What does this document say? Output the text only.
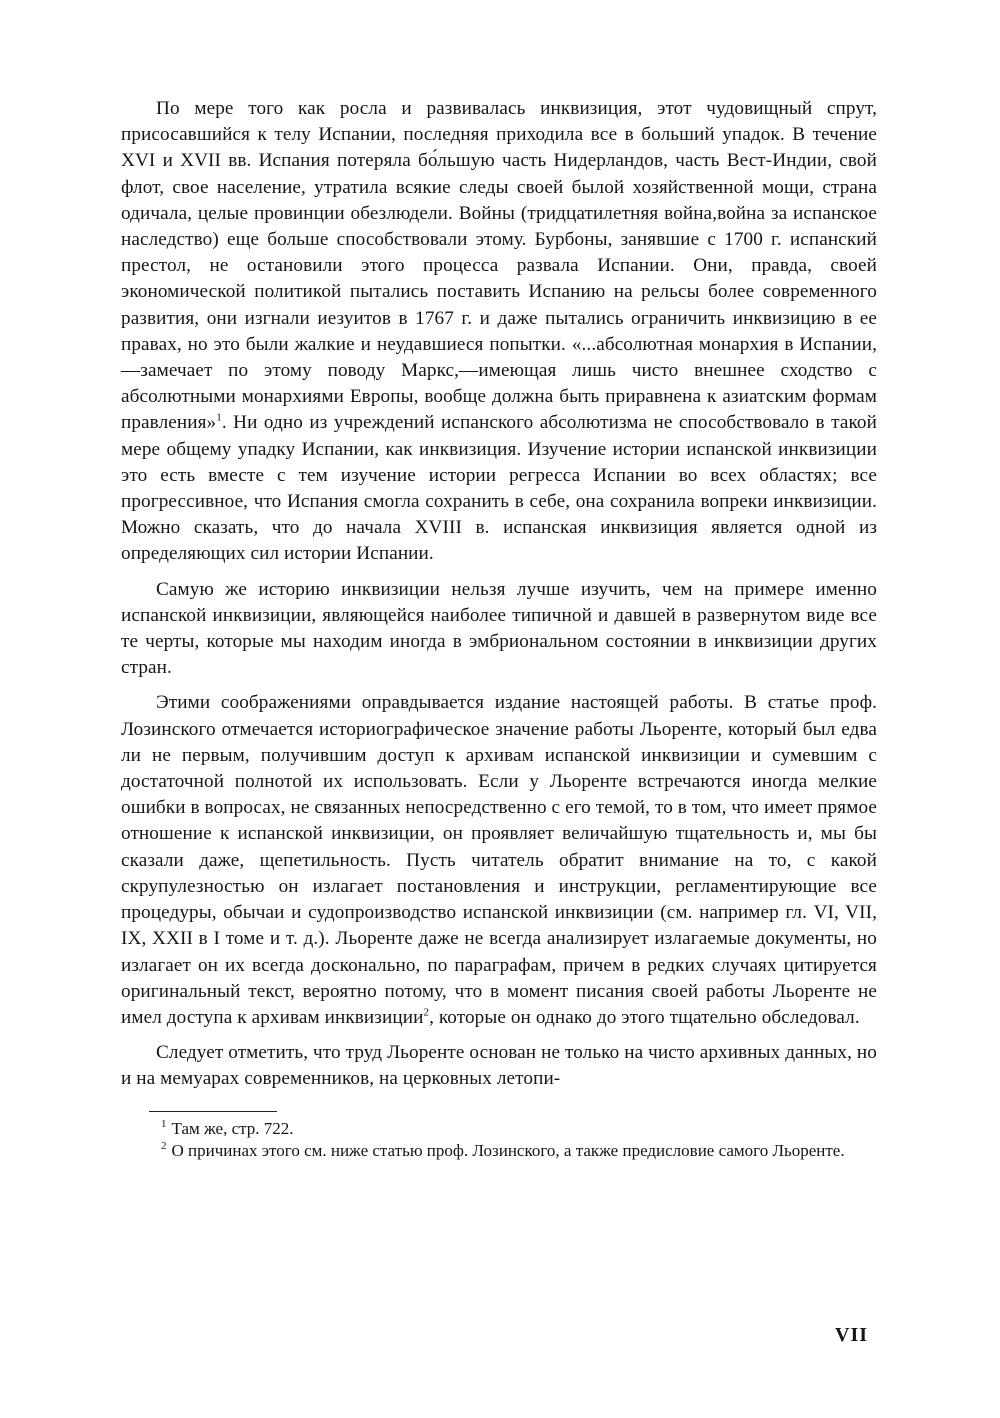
По мере того как росла и развивалась инквизиция, этот чудовищный спрут, присосавшийся к телу Испании, последняя приходила все в больший упадок. В течение XVI и XVII вв. Испания потеряла бо́льшую часть Нидерландов, часть Вест-Индии, свой флот, свое население, утратила всякие следы своей былой хозяйственной мощи, страна одичала, целые провинции обезлюдели. Войны (тридцатилетняя война,война за испанское наследство) еще больше способствовали этому. Бурбоны, занявшие с 1700 г. испанский престол, не остановили этого процесса развала Испании. Они, правда, своей экономической политикой пытались поставить Испанию на рельсы более современного развития, они изгнали иезуитов в 1767 г. и даже пытались ограничить инквизицию в ее правах, но это были жалкие и неудавшиеся попытки. «...абсолютная монархия в Испании,—замечает по этому поводу Маркс,—имеющая лишь чисто внешнее сходство с абсолютными монархиями Европы, вообще должна быть приравнена к азиатским формам правления»$^1$. Ни одно из учреждений испанского абсолютизма не способствовало в такой мере общему упадку Испании, как инквизиция. Изучение истории испанской инквизиции это есть вместе с тем изучение истории регресса Испании во всех областях; все прогрессивное, что Испания смогла сохранить в себе, она сохранила вопреки инквизиции. Можно сказать, что до начала XVIII в. испанская инквизиция является одной из определяющих сил истории Испании.

Самую же историю инквизиции нельзя лучше изучить, чем на примере именно испанской инквизиции, являющейся наиболее типичной и давшей в развернутом виде все те черты, которые мы находим иногда в эмбриональном состоянии в инквизиции других стран.

Этими соображениями оправдывается издание настоящей работы. В статье проф. Лозинского отмечается историографическое значение работы Льоренте, который был едва ли не первым, получившим доступ к архивам испанской инквизиции и сумевшим с достаточной полнотой их использовать. Если у Льоренте встречаются иногда мелкие ошибки в вопросах, не связанных непосредственно с его темой, то в том, что имеет прямое отношение к испанской инквизиции, он проявляет величайшую тщательность и, мы бы сказали даже, щепетильность. Пусть читатель обратит внимание на то, с какой скрупулезностью он излагает постановления и инструкции, регламентирующие все процедуры, обычаи и судопроизводство испанской инквизиции (см. например гл. VI, VII, IX, XXII в I томе и т. д.). Льоренте даже не всегда анализирует излагаемые документы, но излагает он их всегда досконально, по параграфам, причем в редких случаях цитируется оригинальный текст, вероятно потому, что в момент писания своей работы Льоренте не имел доступа к архивам инквизиции$^2$, которые он однако до этого тщательно обследовал.

Следует отметить, что труд Льоренте основан не только на чисто архивных данных, но и на мемуарах современников, на церковных летопи-

$^1$ Там же, стр. 722.

$^2$ О причинах этого см. ниже статью проф. Лозинского, а также предисловие самого Льоренте.

VII
